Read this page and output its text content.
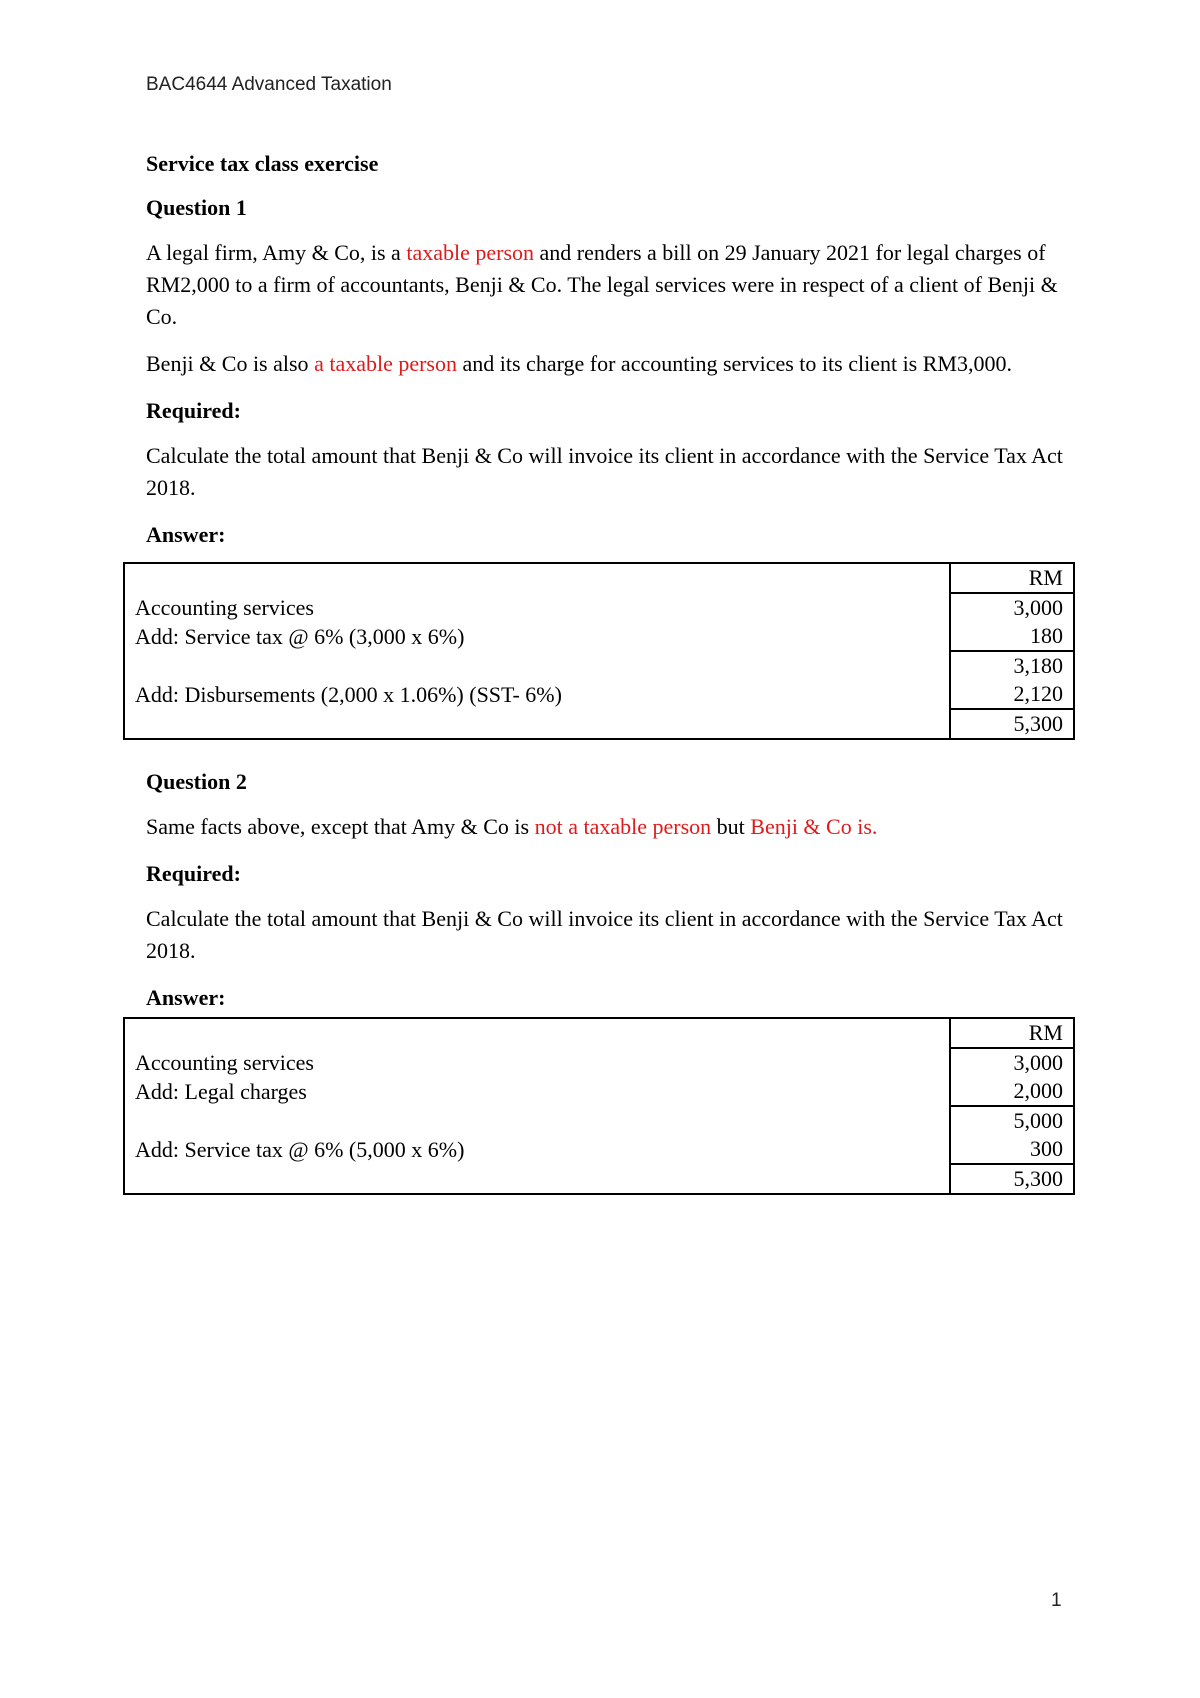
BAC4644 Advanced Taxation

Service tax class exercise

Question 1

A legal firm, Amy & Co, is a taxable person and renders a bill on 29 January 2021 for legal charges of RM2,000 to a firm of accountants, Benji & Co. The legal services were in respect of a client of Benji & Co.

Benji & Co is also a taxable person and its charge for accounting services to its client is RM3,000.

Required:

Calculate the total amount that Benji & Co will invoice its client in accordance with the Service Tax Act 2018.

Answer:

	RM
Accounting services	3,000
Add: Service tax @ 6% (3,000 x 6%)	180
	3,180
Add: Disbursements (2,000 x 1.06%) (SST- 6%)	2,120
	5,300

Question 2

Same facts above, except that Amy & Co is not a taxable person but Benji & Co is.

Required:

Calculate the total amount that Benji & Co will invoice its client in accordance with the Service Tax Act 2018.

Answer:

	RM
Accounting services	3,000
Add: Legal charges	2,000
	5,000
Add: Service tax @ 6% (5,000 x 6%)	300
	5,300
1
